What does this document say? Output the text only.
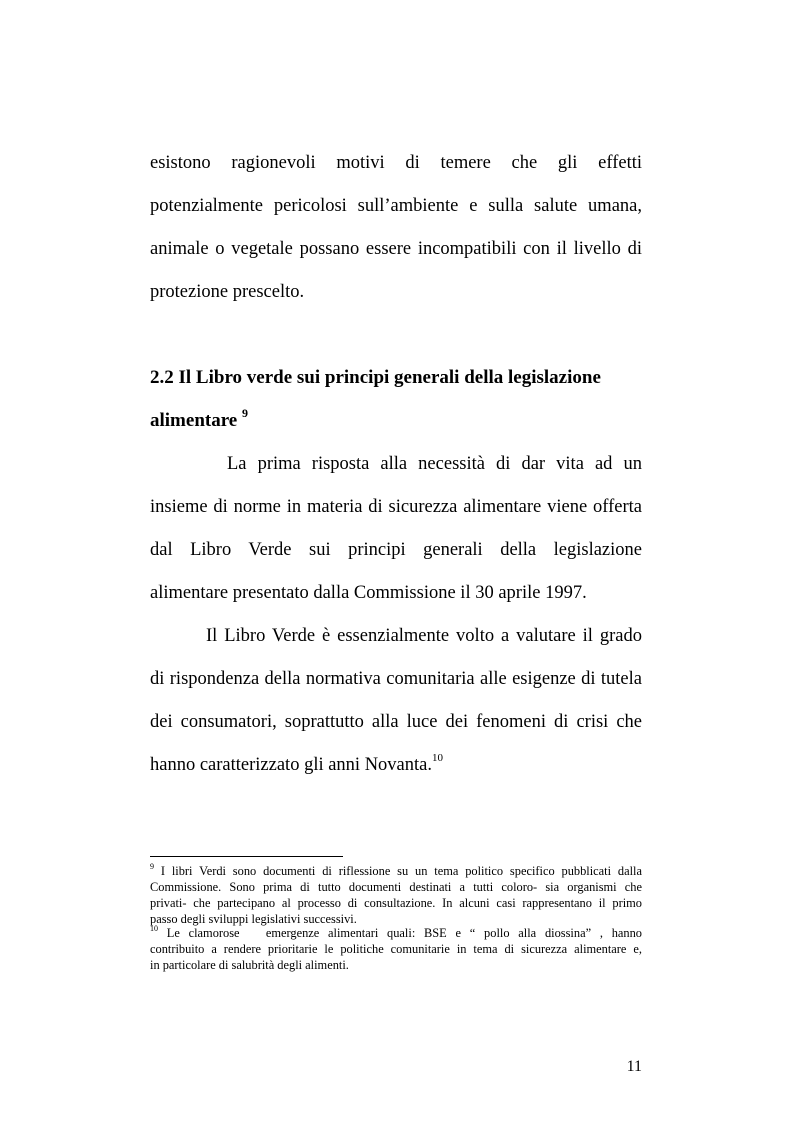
esistono ragionevoli motivi di temere che gli effetti
potenzialmente pericolosi sull’ambiente e sulla salute umana,
animale o vegetale possano essere incompatibili con il livello di
protezione prescelto.
2.2 Il Libro verde sui principi generali della legislazione
alimentare $^9$
La prima risposta alla necessità di dar vita ad un
insieme di norme in materia di sicurezza alimentare viene offerta
dal Libro Verde sui principi generali della legislazione
alimentare presentato dalla Commissione il 30 aprile 1997.
Il Libro Verde è essenzialmente volto a valutare il grado
di rispondenza della normativa comunitaria alle esigenze di tutela
dei consumatori, soprattutto alla luce dei fenomeni di crisi che
hanno caratterizzato gli anni Novanta.$^{10}$
$^9$ I libri Verdi sono documenti di riflessione su un tema politico specifico pubblicati dalla
Commissione. Sono prima di tutto documenti destinati a tutti coloro- sia organismi che
privati- che partecipano al processo di consultazione. In alcuni casi rappresentano il primo
passo degli sviluppi legislativi successivi.
$^{10}$ Le clamorose   emergenze alimentari quali: BSE e “ pollo alla diossina” , hanno
contribuito a rendere prioritarie le politiche comunitarie in tema di sicurezza alimentare e,
in particolare di salubrità degli alimenti.
11
